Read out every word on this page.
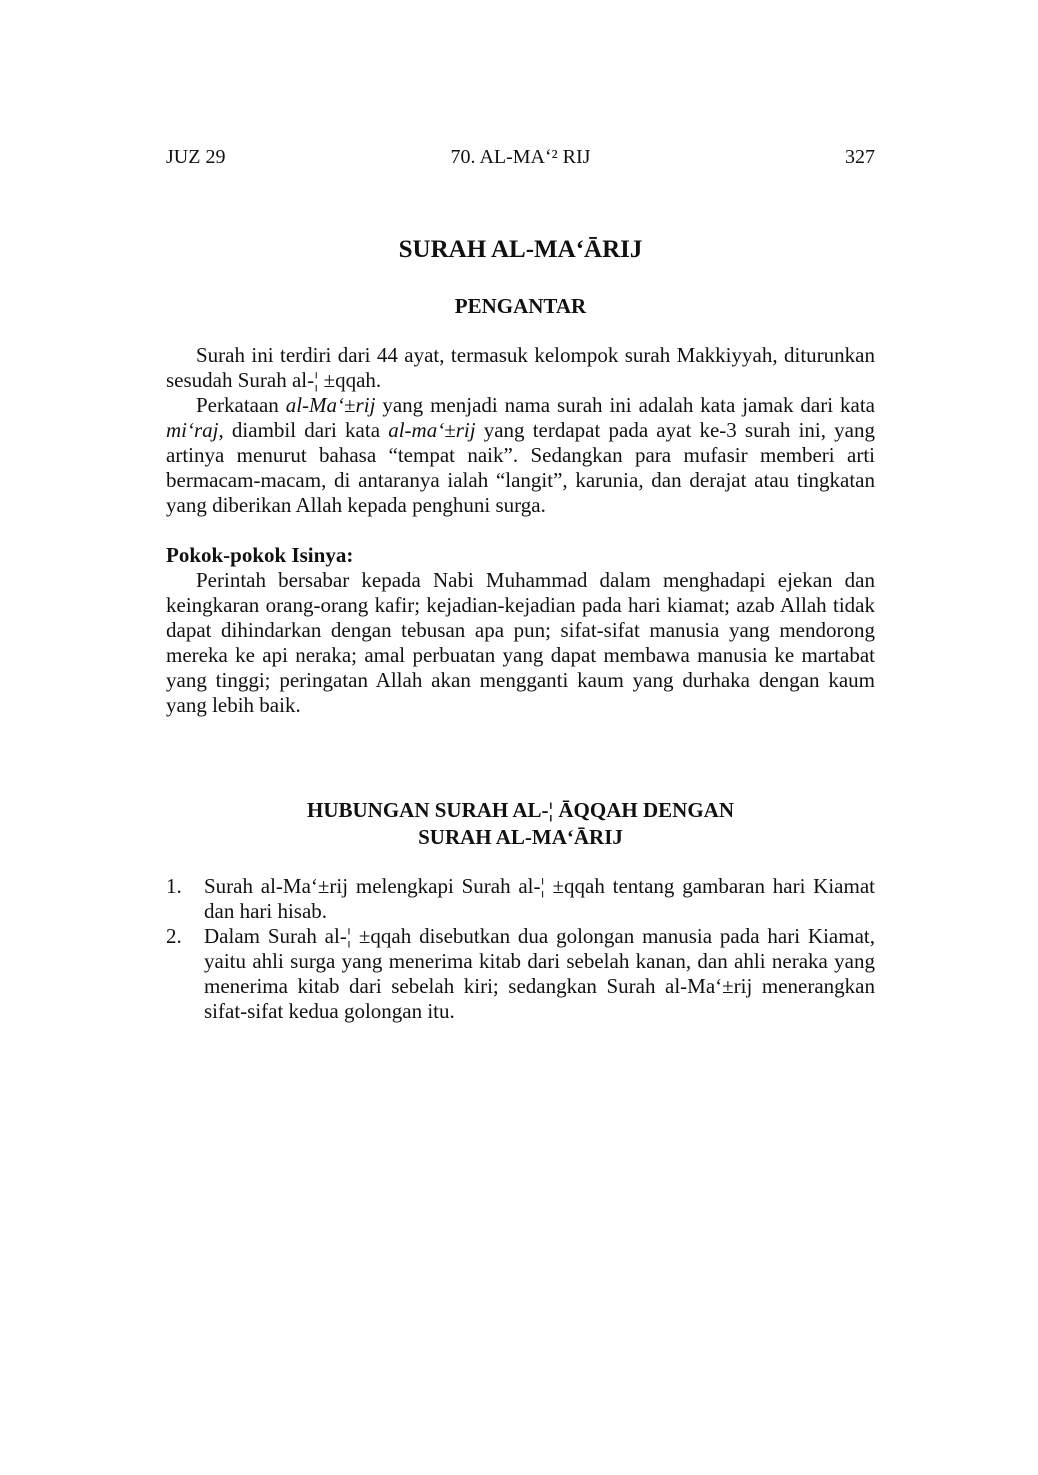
JUZ 29	70. AL-MA‘² RIJ	327
SURAH AL-MA‘ĀRIJ
PENGANTAR

Surah ini terdiri dari 44 ayat, termasuk kelompok surah Makkiyyah, diturunkan sesudah Surah al-¦ ±qqah.

Perkataan al-Ma‘±rij yang menjadi nama surah ini adalah kata jamak dari kata mi‘raj, diambil dari kata al-ma‘±rij yang terdapat pada ayat ke-3 surah ini, yang artinya menurut bahasa “tempat naik”. Sedangkan para mufasir memberi arti bermacam-macam, di antaranya ialah “langit”, karunia, dan derajat atau tingkatan yang diberikan Allah kepada penghuni surga.

Pokok-pokok Isinya:

Perintah bersabar kepada Nabi Muhammad dalam menghadapi ejekan dan keingkaran orang-orang kafir; kejadian-kejadian pada hari kiamat; azab Allah tidak dapat dihindarkan dengan tebusan apa pun; sifat-sifat manusia yang mendorong mereka ke api neraka; amal perbuatan yang dapat membawa manusia ke martabat yang tinggi; peringatan Allah akan mengganti kaum yang durhaka dengan kaum yang lebih baik.

HUBUNGAN SURAH AL-¦ ĀQQAH DENGAN
SURAH AL-MA‘ĀRIJ
1. Surah al-Ma‘±rij melengkapi Surah al-¦ ±qqah tentang gambaran hari Kiamat dan hari hisab.
2. Dalam Surah al-¦ ±qqah disebutkan dua golongan manusia pada hari Kiamat, yaitu ahli surga yang menerima kitab dari sebelah kanan, dan ahli neraka yang menerima kitab dari sebelah kiri; sedangkan Surah al-Ma‘±rij menerangkan sifat-sifat kedua golongan itu.
